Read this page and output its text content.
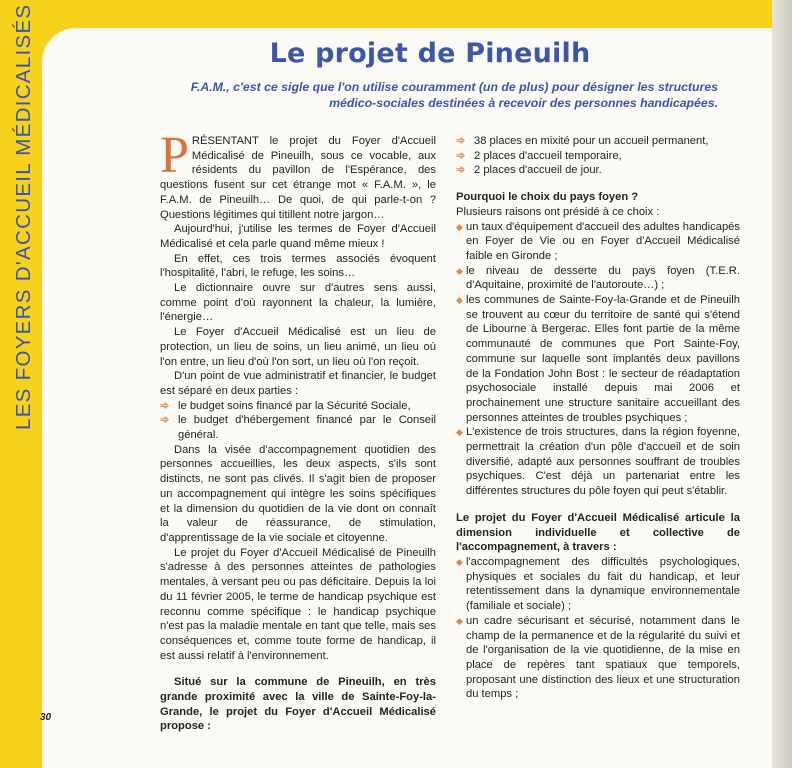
LES FOYERS D'ACCUEIL MÉDICALISÉS
30
Le projet de Pineuilh
F.A.M., c'est ce sigle que l'on utilise couramment (un de plus) pour désigner les structures
médico-sociales destinées à recevoir des personnes handicapées.

PRÉSENTANT le projet du Foyer d'Accueil Médicalisé de Pineuilh, sous ce vocable, aux résidents du pavillon de l'Espérance, des questions fusent sur cet étrange mot « F.A.M. », le F.A.M. de Pineuilh… De quoi, de qui parle-t-on ? Questions légitimes qui titillent notre jargon…

Aujourd'hui, j'utilise les termes de Foyer d'Accueil Médicalisé et cela parle quand même mieux !

En effet, ces trois termes associés évoquent l'hospitalité, l'abri, le refuge, les soins…

Le dictionnaire ouvre sur d'autres sens aussi, comme point d'où rayonnent la chaleur, la lumière, l'énergie…

Le Foyer d'Accueil Médicalisé est un lieu de protection, un lieu de soins, un lieu animé, un lieu où l'on entre, un lieu d'où l'on sort, un lieu où l'on reçoit.

D'un point de vue administratif et financier, le budget est séparé en deux parties :

➾ le budget soins financé par la Sécurité Sociale,
➾ le budget d'hébergement financé par le Conseil général.

Dans la visée d'accompagnement quotidien des personnes accueillies, les deux aspects, s'ils sont distincts, ne sont pas clivés. Il s'agit bien de proposer un accompagnement qui intègre les soins spécifiques et la dimension du quotidien de la vie dont on connaît la valeur de réassurance, de stimulation, d'apprentissage de la vie sociale et citoyenne.

Le projet du Foyer d'Accueil Médicalisé de Pineuilh s'adresse à des personnes atteintes de pathologies mentales, à versant peu ou pas déficitaire. Depuis la loi du 11 février 2005, le terme de handicap psychique est reconnu comme spécifique : le handicap psychique n'est pas la maladie mentale en tant que telle, mais ses conséquences et, comme toute forme de handicap, il est aussi relatif à l'environnement.

Situé sur la commune de Pineuilh, en très grande proximité avec la ville de Sainte-Foy-la-Grande, le projet du Foyer d'Accueil Médicalisé propose :

➾ 38 places en mixité pour un accueil permanent,
➾ 2 places d'accueil temporaire,
➾ 2 places d'accueil de jour.

Pourquoi le choix du pays foyen ?

Plusieurs raisons ont présidé à ce choix :

◆ un taux d'équipement d'accueil des adultes handicapés en Foyer de Vie ou en Foyer d'Accueil Médicalisé faible en Gironde ;
◆ le niveau de desserte du pays foyen (T.E.R. d'Aquitaine, proximité de l'autoroute…) ;
◆ les communes de Sainte-Foy-la-Grande et de Pineuilh se trouvent au cœur du territoire de santé qui s'étend de Libourne à Bergerac. Elles font partie de la même communauté de communes que Port Sainte-Foy, commune sur laquelle sont implantés deux pavillons de la Fondation John Bost : le secteur de réadaptation psychosociale installé depuis mai 2006 et prochainement une structure sanitaire accueillant des personnes atteintes de troubles psychiques ;
◆ L'existence de trois structures, dans la région foyenne, permettrait la création d'un pôle d'accueil et de soin diversifié, adapté aux personnes souffrant de troubles psychiques. C'est déjà un partenariat entre les différentes structures du pôle foyen qui peut s'établir.

Le projet du Foyer d'Accueil Médicalisé articule la dimension individuelle et collective de l'accompagnement, à travers :

◆ l'accompagnement des difficultés psychologiques, physiques et sociales du fait du handicap, et leur retentissement dans la dynamique environnementale (familiale et sociale) ;
◆ un cadre sécurisant et sécurisé, notamment dans le champ de la permanence et de la régularité du suivi et de l'organisation de la vie quotidienne, de la mise en place de repères tant spatiaux que temporels, proposant une distinction des lieux et une structuration du temps ;
